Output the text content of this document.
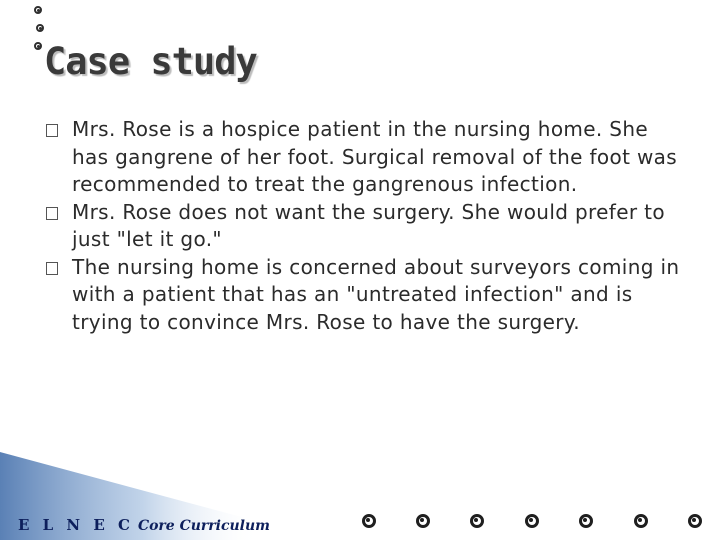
Case study
Mrs. Rose is a hospice patient in the nursing home. She has gangrene of her foot. Surgical removal of the foot was recommended to treat the gangrenous infection.
Mrs. Rose does not want the surgery. She would prefer to just "let it go."
The nursing home is concerned about surveyors coming in with a patient that has an "untreated infection" and is trying to convince Mrs. Rose to have the surgery.
E L N E C Core Curriculum
